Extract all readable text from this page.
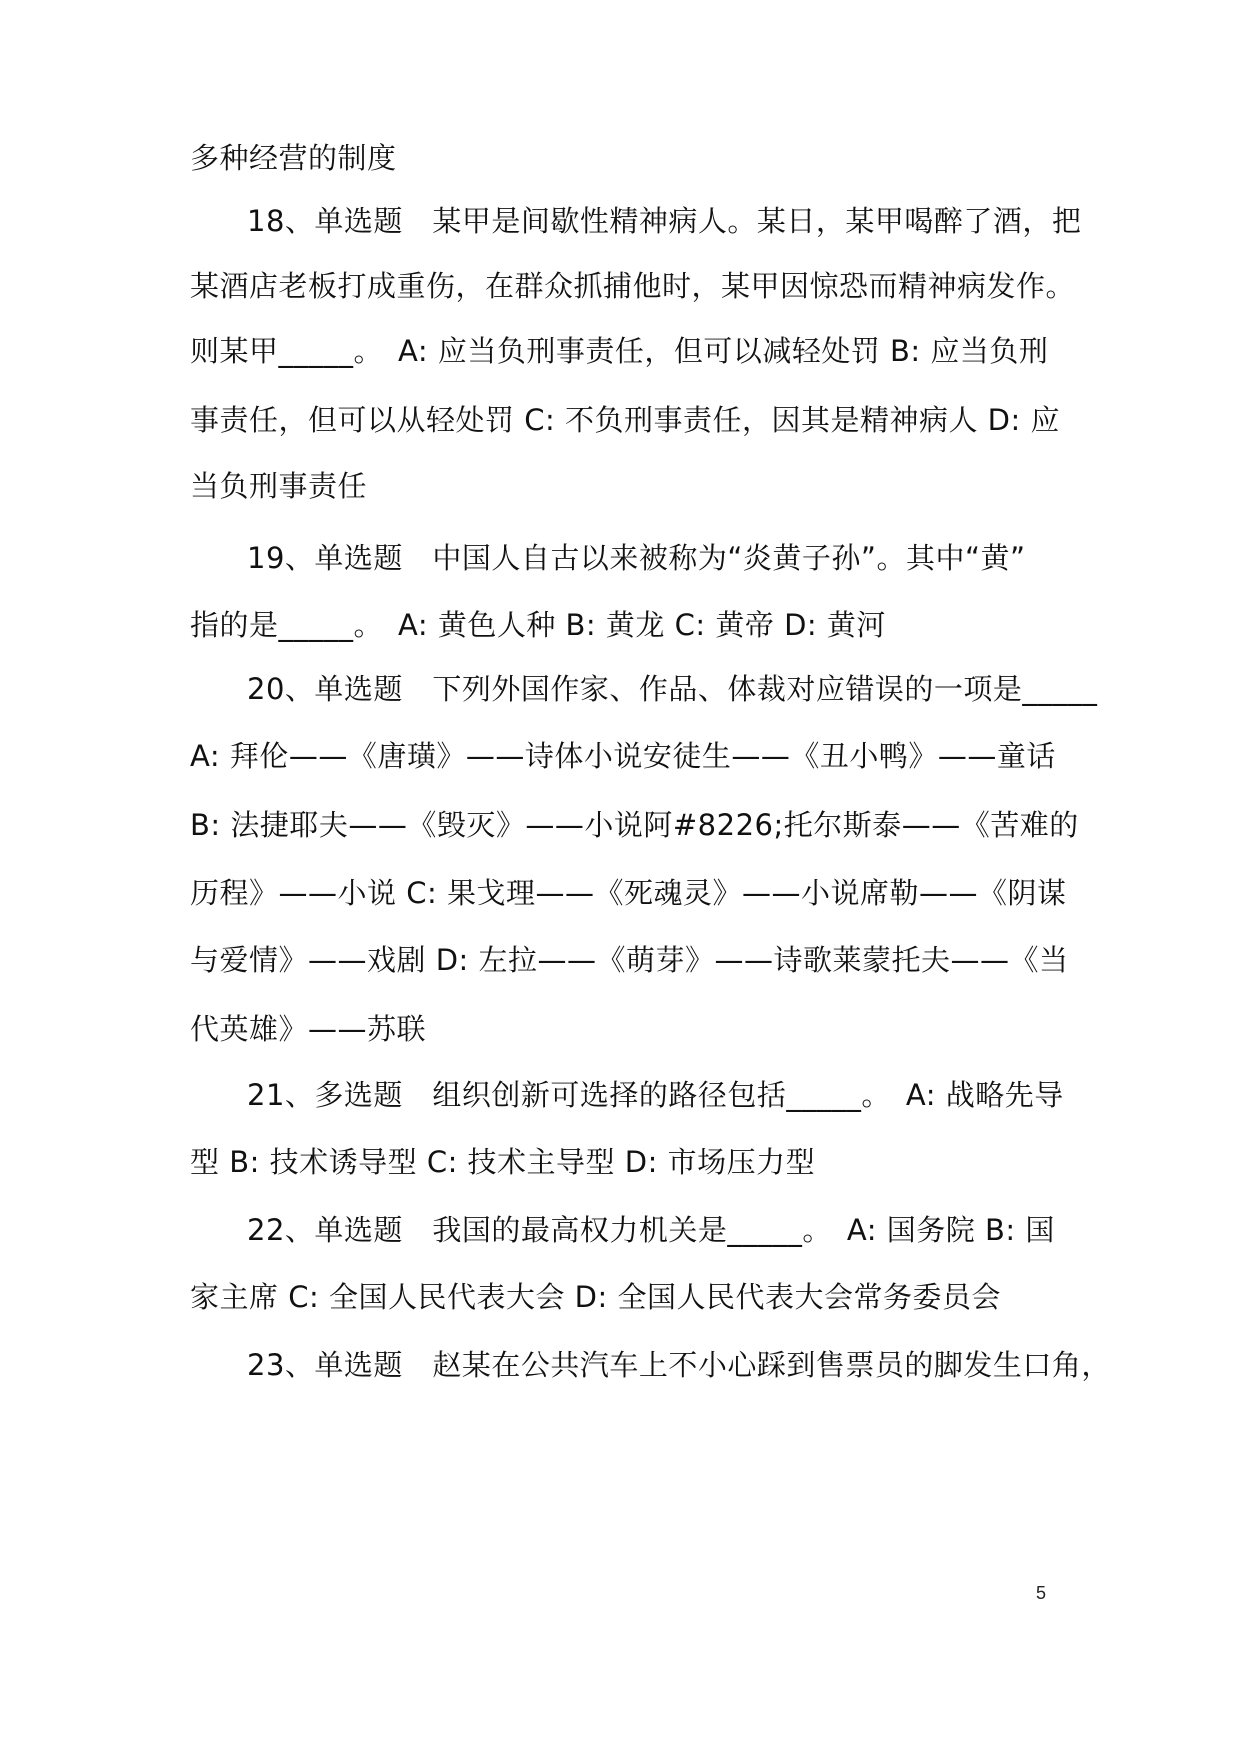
多种经营的制度
18、单选题　某甲是间歇性精神病人。某日，某甲喝醉了酒，把
某酒店老板打成重伤，在群众抓捕他时，某甲因惊恐而精神病发作。
则某甲_____。　A: 应当负刑事责任，但可以减轻处罚 B: 应当负刑
事责任，但可以从轻处罚 C: 不负刑事责任，因其是精神病人 D: 应
当负刑事责任
19、单选题　中国人自古以来被称为“炎黄子孙”。其中“黄”
指的是_____。　A: 黄色人种 B: 黄龙 C: 黄帝 D: 黄河
20、单选题　下列外国作家、作品、体裁对应错误的一项是_____
A: 拜伦——《唐璜》——诗体小说安徒生——《丑小鸭》——童话
B: 法捷耶夫——《毁灭》——小说阿#8226;托尔斯泰——《苦难的
历程》——小说 C: 果戈理——《死魂灵》——小说席勒——《阴谋
与爱情》——戏剧 D: 左拉——《萌芽》——诗歌莱蒙托夫——《当
代英雄》——苏联
21、多选题　组织创新可选择的路径包括_____。　A: 战略先导
型 B: 技术诱导型 C: 技术主导型 D: 市场压力型
22、单选题　我国的最高权力机关是_____。　A: 国务院 B: 国
家主席 C: 全国人民代表大会 D: 全国人民代表大会常务委员会
23、单选题　赵某在公共汽车上不小心踩到售票员的脚发生口角，
5
